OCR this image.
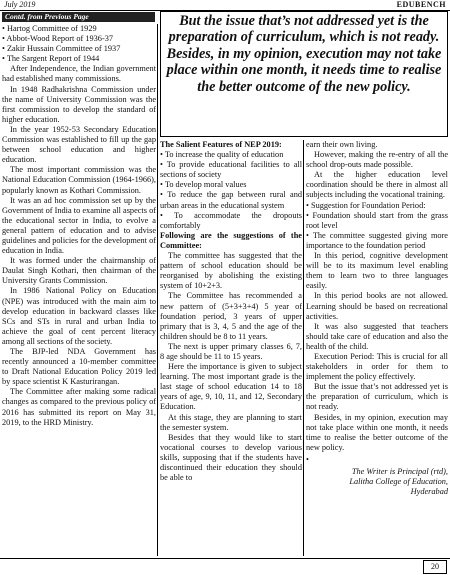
July 2019	EDUBENCH
Contd. from Previous Page

• Hartog Committee of 1929

• Abbot-Wood Report of 1936-37

• Zakir Hussain Committee of 1937

• The Sargent Report of 1944

After Independence, the Indian government had established many commissions.

In 1948 Radhakrishna Commission under the name of University Commission was the first commission to develop the standard of higher education.

In the year 1952-53 Secondary Education Commission was established to fill up the gap between school education and higher education.

The most important commission was the National Education Commission (1964-1966), popularly known as Kothari Commission.

It was an ad hoc commission set up by the Government of India to examine all aspects of the educational sector in India, to evolve a general pattern of education and to advise guidelines and policies for the development of education in India.

It was formed under the chairmanship of Daulat Singh Kothari, then chairman of the University Grants Commission.

In 1986 National Policy on Education (NPE) was introduced with the main aim to develop education in backward classes like SCs and STs in rural and urban India to achieve the goal of cent percent literacy among all sections of the society.

The BJP-led NDA Government has recently announced a 10-member committee to Draft National Education Policy 2019 led by space scientist K Kasturirangan.

The Committee after making some radical changes as compared to the previous policy of 2016 has submitted its report on May 31, 2019, to the HRD Ministry.

But the issue that’s not addressed yet is the preparation of curriculum, which is not ready.

Besides, in my opinion, execution may not take place within one month, it needs time to realise the better outcome of the new policy.

The Salient Features of NEP 2019:

• To increase the quality of education

• To provide educational facilities to all sections of society

• To develop moral values

• To reduce the gap between rural and urban areas in the educational system

• To accommodate the dropouts comfortably

Following are the suggestions of the Committee:

The committee has suggested that the pattern of school education should be reorganised by abolishing the existing system of 10+2+3.

The Committee has recommended a new pattern of (5+3+3+4) 5 year of foundation period, 3 years of upper primary that is 3, 4, 5 and the age of the children should be 8 to 11 years.

The next is upper primary classes 6, 7, 8 age should be 11 to 15 years.

Here the importance is given to subject learning. The most important grade is the last stage of school education 14 to 18 years of age, 9, 10, 11, and 12, Secondary Education.

At this stage, they are planning to start the semester system.

Besides that they would like to start vocational courses to develop various skills, supposing that if the students have discontinued their education they should be able to

earn their own living.

However, making the re-entry of all the school drop-outs made possible.

At the higher education level coordination should be there in almost all subjects including the vocational training.

• Suggestion for Foundation Period:

• Foundation should start from the grass root level

• The committee suggested giving more importance to the foundation period

In this period, cognitive development will be to its maximum level enabling them to learn two to three languages easily.

In this period books are not allowed. Learning should be based on recreational activities.

It was also suggested that teachers should take care of education and also the health of the child.

Execution Period: This is crucial for all stakeholders in order for them to implement the policy effectively.

But the issue that’s not addressed yet is the preparation of curriculum, which is not ready.

Besides, in my opinion, execution may not take place within one month, it needs time to realise the better outcome of the new policy.

•

The Writer is Principal (rtd),

Lalitha College of Education,

Hyderabad

20
